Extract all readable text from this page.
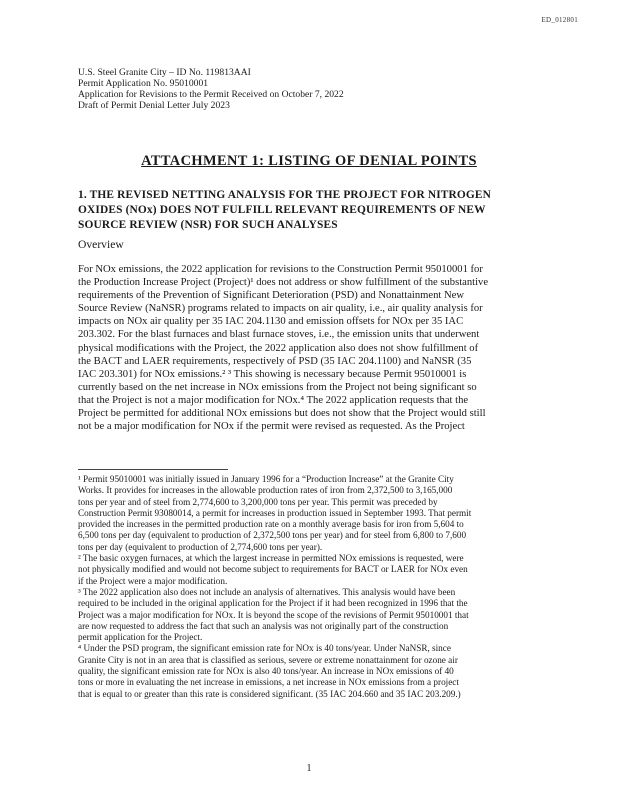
ED_012801
U.S. Steel Granite City – ID No. 119813AAI
Permit Application No. 95010001
Application for Revisions to the Permit Received on October 7, 2022
Draft of Permit Denial Letter July 2023
ATTACHMENT 1: LISTING OF DENIAL POINTS
1. THE REVISED NETTING ANALYSIS FOR THE PROJECT FOR NITROGEN
OXIDES (NOx) DOES NOT FULFILL RELEVANT REQUIREMENTS OF NEW
SOURCE REVIEW (NSR) FOR SUCH ANALYSES
Overview
For NOx emissions, the 2022 application for revisions to the Construction Permit 95010001 for
the Production Increase Project (Project)¹ does not address or show fulfillment of the substantive
requirements of the Prevention of Significant Deterioration (PSD) and Nonattainment New
Source Review (NaNSR) programs related to impacts on air quality, i.e., air quality analysis for
impacts on NOx air quality per 35 IAC 204.1130 and emission offsets for NOx per 35 IAC
203.302. For the blast furnaces and blast furnace stoves, i.e., the emission units that underwent
physical modifications with the Project, the 2022 application also does not show fulfillment of
the BACT and LAER requirements, respectively of PSD (35 IAC 204.1100) and NaNSR (35
IAC 203.301) for NOx emissions.² ³ This showing is necessary because Permit 95010001 is
currently based on the net increase in NOx emissions from the Project not being significant so
that the Project is not a major modification for NOx.⁴ The 2022 application requests that the
Project be permitted for additional NOx emissions but does not show that the Project would still
not be a major modification for NOx if the permit were revised as requested. As the Project
¹ Permit 95010001 was initially issued in January 1996 for a “Production Increase” at the Granite City
Works. It provides for increases in the allowable production rates of iron from 2,372,500 to 3,165,000
tons per year and of steel from 2,774,600 to 3,200,000 tons per year. This permit was preceded by
Construction Permit 93080014, a permit for increases in production issued in September 1993. That permit
provided the increases in the permitted production rate on a monthly average basis for iron from 5,604 to
6,500 tons per day (equivalent to production of 2,372,500 tons per year) and for steel from 6,800 to 7,600
tons per day (equivalent to production of 2,774,600 tons per year).
² The basic oxygen furnaces, at which the largest increase in permitted NOx emissions is requested, were
not physically modified and would not become subject to requirements for BACT or LAER for NOx even
if the Project were a major modification.
³ The 2022 application also does not include an analysis of alternatives. This analysis would have been
required to be included in the original application for the Project if it had been recognized in 1996 that the
Project was a major modification for NOx. It is beyond the scope of the revisions of Permit 95010001 that
are now requested to address the fact that such an analysis was not originally part of the construction
permit application for the Project.
⁴ Under the PSD program, the significant emission rate for NOx is 40 tons/year. Under NaNSR, since
Granite City is not in an area that is classified as serious, severe or extreme nonattainment for ozone air
quality, the significant emission rate for NOx is also 40 tons/year. An increase in NOx emissions of 40
tons or more in evaluating the net increase in emissions, a net increase in NOx emissions from a project
that is equal to or greater than this rate is considered significant. (35 IAC 204.660 and 35 IAC 203.209.)
1
